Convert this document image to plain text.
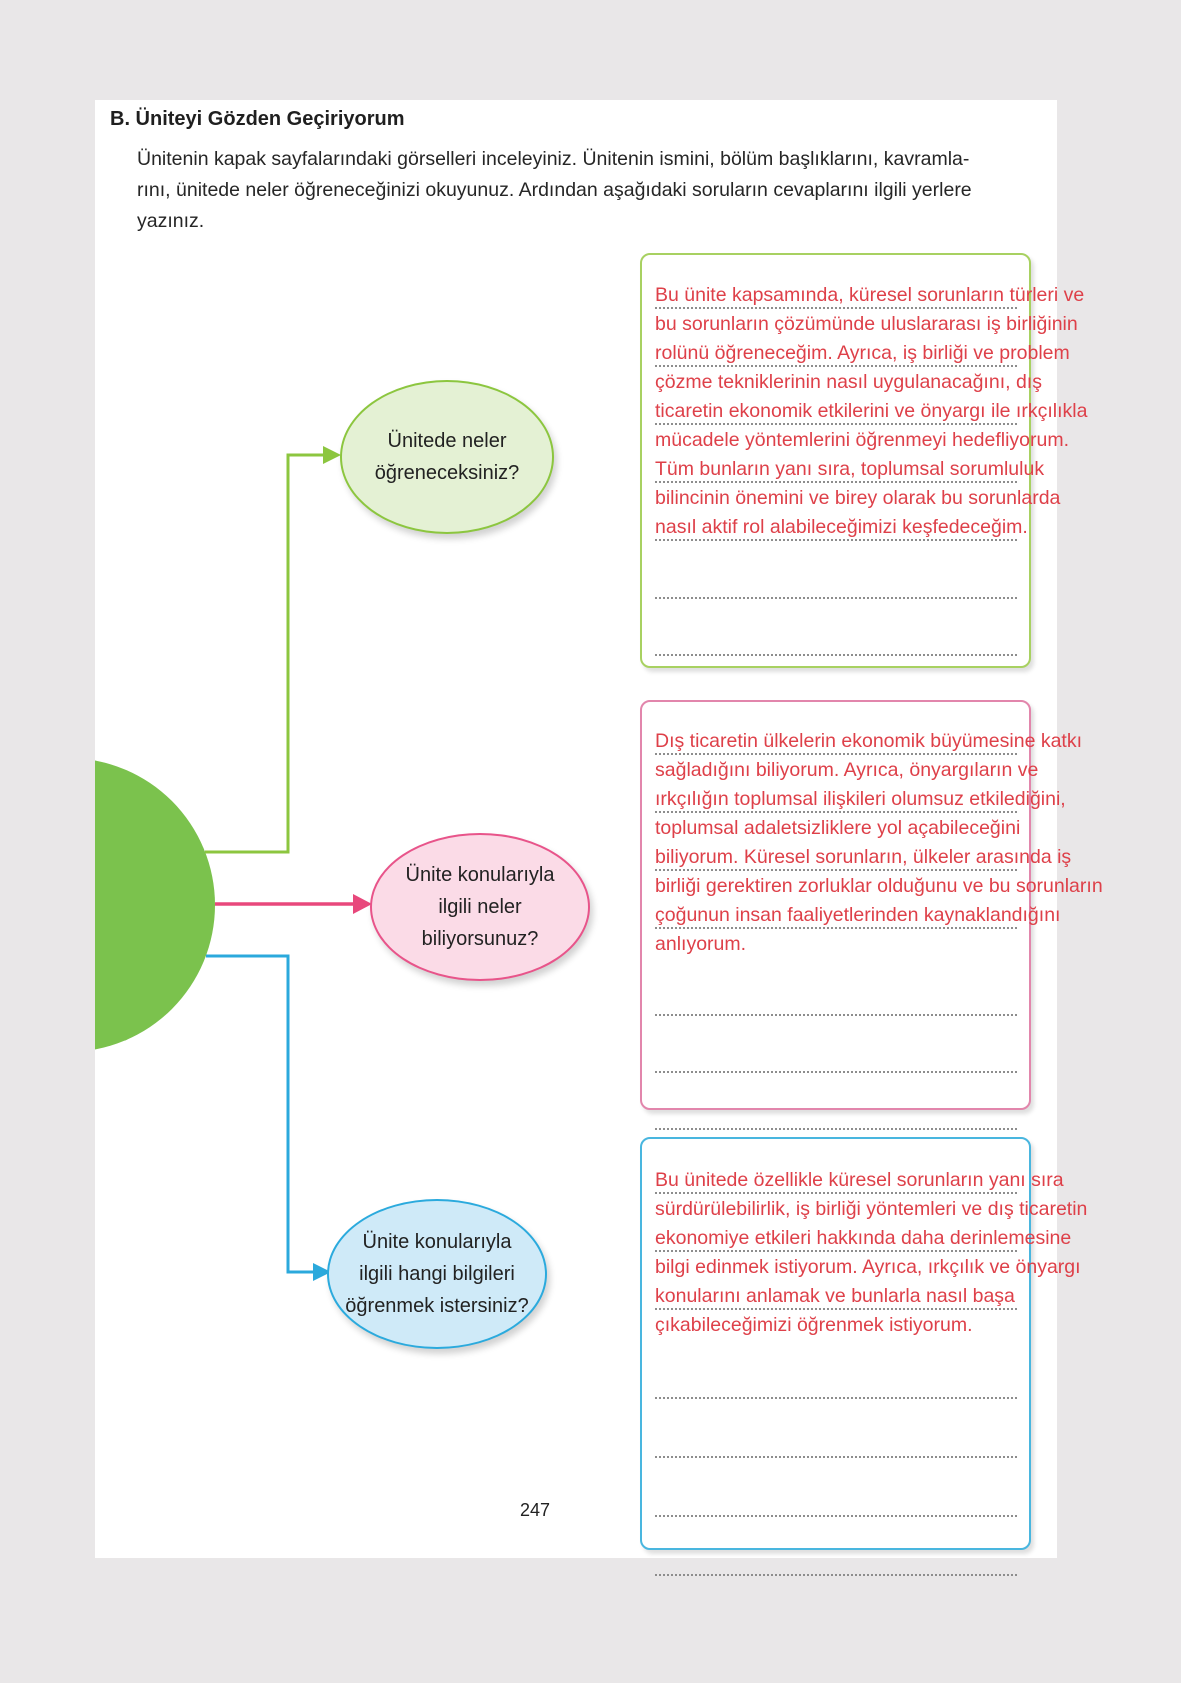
B. Üniteyi Gözden Geçiriyorum
Ünitenin kapak sayfalarındaki görselleri inceleyiniz. Ünitenin ismini, bölüm başlıklarını, kavramla-
rını, ünitede neler öğreneceğinizi okuyunuz. Ardından aşağıdaki soruların cevaplarını ilgili yerlere
yazınız.
Ünitede neler
öğreneceksiniz?
Ünite konularıyla
ilgili neler
biliyorsunuz?
Ünite konularıyla
ilgili hangi bilgileri
öğrenmek istersiniz?
Bu ünite kapsamında, küresel sorunların türleri ve
bu sorunların çözümünde uluslararası iş birliğinin
rolünü öğreneceğim. Ayrıca, iş birliği ve problem
çözme tekniklerinin nasıl uygulanacağını, dış
ticaretin ekonomik etkilerini ve önyargı ile ırkçılıkla
mücadele yöntemlerini öğrenmeyi hedefliyorum.
Tüm bunların yanı sıra, toplumsal sorumluluk
bilincinin önemini ve birey olarak bu sorunlarda
nasıl aktif rol alabileceğimizi keşfedeceğim.
Dış ticaretin ülkelerin ekonomik büyümesine katkı
sağladığını biliyorum. Ayrıca, önyargıların ve
ırkçılığın toplumsal ilişkileri olumsuz etkilediğini,
toplumsal adaletsizliklere yol açabileceğini
biliyorum. Küresel sorunların, ülkeler arasında iş
birliği gerektiren zorluklar olduğunu ve bu sorunların
çoğunun insan faaliyetlerinden kaynaklandığını
anlıyorum.
Bu ünitede özellikle küresel sorunların yanı sıra
sürdürülebilirlik, iş birliği yöntemleri ve dış ticaretin
ekonomiye etkileri hakkında daha derinlemesine
bilgi edinmek istiyorum. Ayrıca, ırkçılık ve önyargı
konularını anlamak ve bunlarla nasıl başa
çıkabileceğimizi öğrenmek istiyorum.
247
